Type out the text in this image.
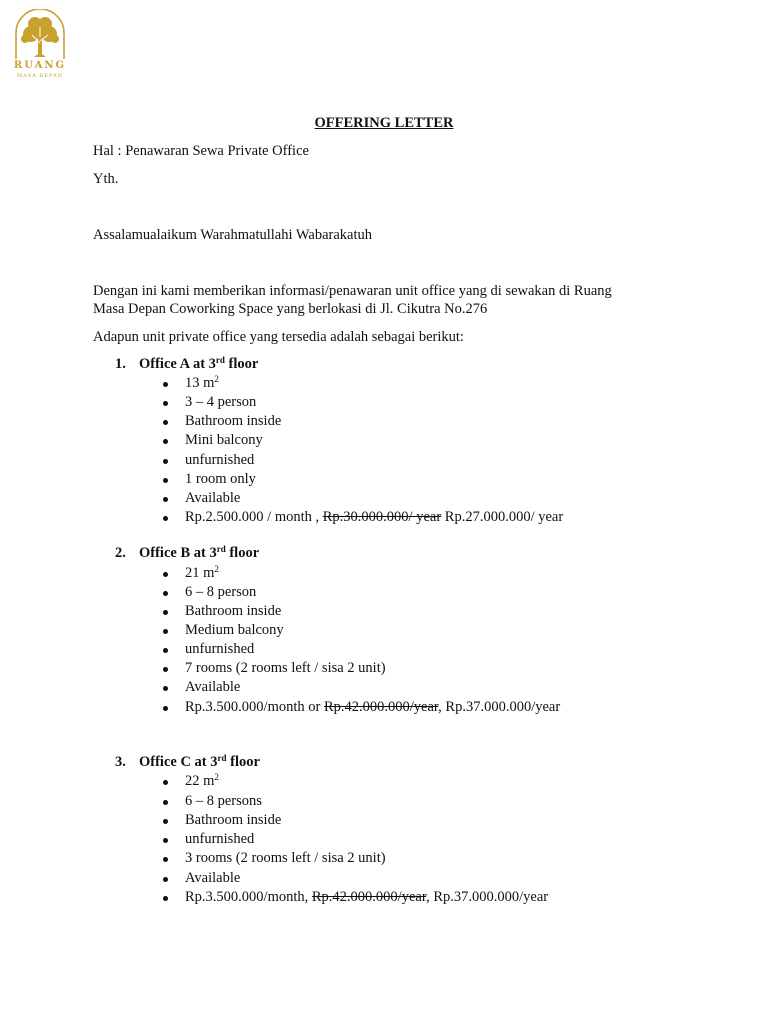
RUANG
MASA DEPAN
OFFERING LETTER
Hal : Penawaran Sewa Private Office
Yth.
Assalamualaikum Warahmatullahi Wabarakatuh
Dengan ini kami memberikan informasi/penawaran unit office yang di sewakan di Ruang
Masa Depan Coworking Space yang berlokasi di Jl. Cikutra No.276
Adapun unit private office yang tersedia adalah sebagai berikut:
1. Office A at 3rd floor
13 $m^2$
3 – 4 person
Bathroom inside
Mini balcony
unfurnished
1 room only
Available
Rp.2.500.000 / month , Rp.30.000.000/ year Rp.27.000.000/ year
2. Office B at 3rd floor
21 $m^2$
6 – 8 person
Bathroom inside
Medium balcony
unfurnished
7 rooms (2 rooms left / sisa 2 unit)
Available
Rp.3.500.000/month or Rp.42.000.000/year, Rp.37.000.000/year
3. Office C at 3rd floor
22 $m^2$
6 – 8 persons
Bathroom inside
unfurnished
3 rooms (2 rooms left / sisa 2 unit)
Available
Rp.3.500.000/month, Rp.42.000.000/year, Rp.37.000.000/year
